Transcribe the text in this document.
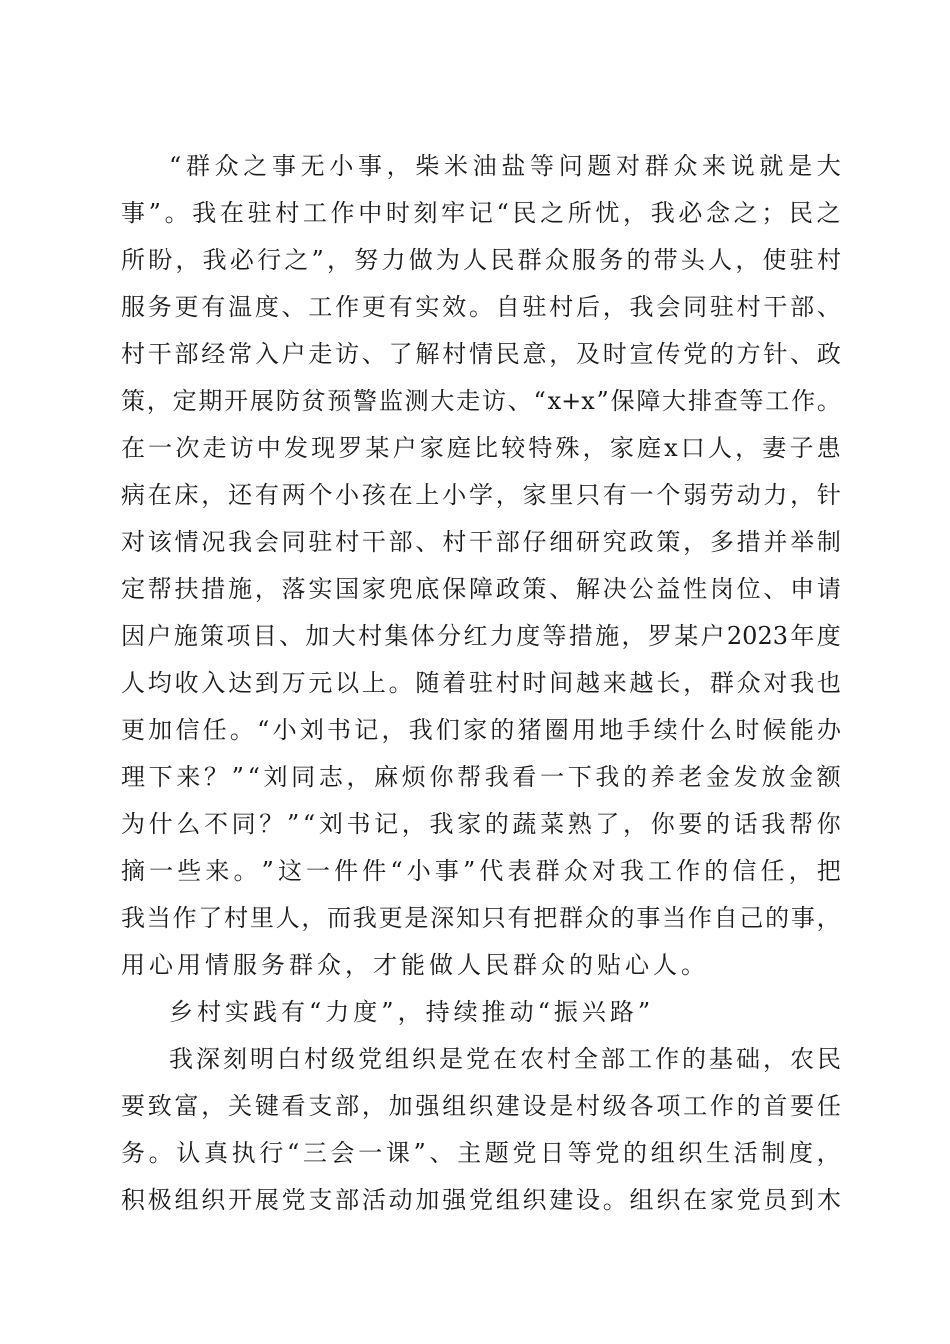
“ 群 众 之 事 无 小 事 ， 柴 米 油 盐 等 问 题 对 群 众 来 说 就 是 大
事 ” 。 我 在 驻 村 工 作 中 时 刻 牢 记 “ 民 之 所 忧 ， 我 必 念 之 ； 民 之
所 盼 ， 我 必 行 之 ” ， 努 力 做 为 人 民 群 众 服 务 的 带 头 人 ， 使 驻 村
服 务 更 有 温 度 、 工 作 更 有 实 效 。 自 驻 村 后 ， 我 会 同 驻 村 干 部 、
村 干 部 经 常 入 户 走 访 、 了 解 村 情 民 意 ， 及 时 宣 传 党 的 方 针 、 政
策 ， 定 期 开 展 防 贫 预 警 监 测 大 走 访 、 “ x+x ” 保 障 大 排 查 等 工 作 。
在 一 次 走 访 中 发 现 罗 某 户 家 庭 比 较 特 殊 ， 家 庭 x 口 人 ， 妻 子 患
病 在 床 ， 还 有 两 个 小 孩 在 上 小 学 ， 家 里 只 有 一 个 弱 劳 动 力 ， 针
对 该 情 况 我 会 同 驻 村 干 部 、 村 干 部 仔 细 研 究 政 策 ， 多 措 并 举 制
定 帮 扶 措 施 ， 落 实 国 家 兜 底 保 障 政 策 、 解 决 公 益 性 岗 位 、 申 请
因 户 施 策 项 目 、 加 大 村 集 体 分 红 力 度 等 措 施 ， 罗 某 户 2023 年 度
人 均 收 入 达 到 万 元 以 上 。 随 着 驻 村 时 间 越 来 越 长 ， 群 众 对 我 也
更 加 信 任 。 “ 小 刘 书 记 ， 我 们 家 的 猪 圈 用 地 手 续 什 么 时 候 能 办
理 下 来 ？ ” “ 刘 同 志 ， 麻 烦 你 帮 我 看 一 下 我 的 养 老 金 发 放 金 额
为 什 么 不 同 ？ ” “ 刘 书 记 ， 我 家 的 蔬 菜 熟 了 ， 你 要 的 话 我 帮 你
摘 一 些 来 。 ” 这 一 件 件 “ 小 事 ” 代 表 群 众 对 我 工 作 的 信 任 ， 把
我 当 作 了 村 里 人 ， 而 我 更 是 深 知 只 有 把 群 众 的 事 当 作 自 己 的 事 ，
用 心 用 情 服 务 群 众 ， 才 能 做 人 民 群 众 的 贴 心 人 。
乡 村 实 践 有 “ 力 度 ” ， 持 续 推 动 “ 振 兴 路 ”
我 深 刻 明 白 村 级 党 组 织 是 党 在 农 村 全 部 工 作 的 基 础 ， 农 民
要 致 富 ， 关 键 看 支 部 ， 加 强 组 织 建 设 是 村 级 各 项 工 作 的 首 要 任
务 。 认 真 执 行 “ 三 会 一 课 ” 、 主 题 党 日 等 党 的 组 织 生 活 制 度 ，
积 极 组 织 开 展 党 支 部 活 动 加 强 党 组 织 建 设 。 组 织 在 家 党 员 到 木
